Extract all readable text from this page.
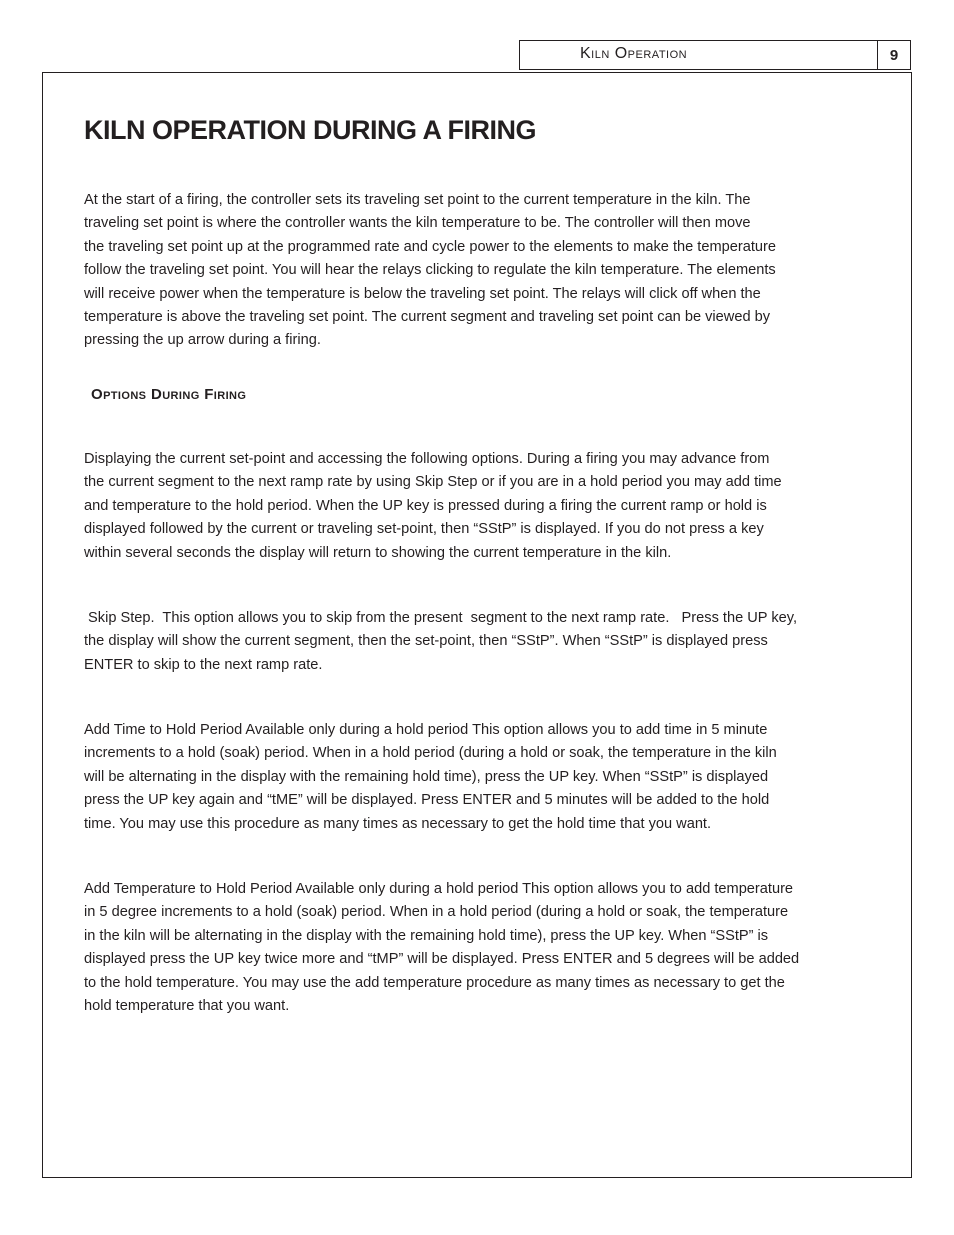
Kiln Operation	9
KILN OPERATION DURING A FIRING

At the start of a firing, the controller sets its traveling set point to the current temperature in the kiln. The
traveling set point is where the controller wants the kiln temperature to be. The controller will then move
the traveling set point up at the programmed rate and cycle power to the elements to make the temperature
follow the traveling set point. You will hear the relays clicking to regulate the kiln temperature. The elements
will receive power when the temperature is below the traveling set point. The relays will click off when the
temperature is above the traveling set point. The current segment and traveling set point can be viewed by
pressing the up arrow during a firing.

Options During Firing

Displaying the current set-point and accessing the following options. During a firing you may advance from
the current segment to the next ramp rate by using Skip Step or if you are in a hold period you may add time
and temperature to the hold period. When the UP key is pressed during a firing the current ramp or hold is
displayed followed by the current or traveling set-point, then “SStP” is displayed. If you do not press a key
within several seconds the display will return to showing the current temperature in the kiln.

Skip Step.  This option allows you to skip from the present  segment to the next ramp rate.   Press the UP key,
the display will show the current segment, then the set-point, then “SStP”. When “SStP” is displayed press
ENTER to skip to the next ramp rate.

Add Time to Hold Period Available only during a hold period This option allows you to add time in 5 minute
increments to a hold (soak) period. When in a hold period (during a hold or soak, the temperature in the kiln
will be alternating in the display with the remaining hold time), press the UP key. When “SStP” is displayed
press the UP key again and “tME” will be displayed. Press ENTER and 5 minutes will be added to the hold
time. You may use this procedure as many times as necessary to get the hold time that you want.

Add Temperature to Hold Period Available only during a hold period This option allows you to add temperature
in 5 degree increments to a hold (soak) period. When in a hold period (during a hold or soak, the temperature
in the kiln will be alternating in the display with the remaining hold time), press the UP key. When “SStP” is
displayed press the UP key twice more and “tMP” will be displayed. Press ENTER and 5 degrees will be added
to the hold temperature. You may use the add temperature procedure as many times as necessary to get the
hold temperature that you want.
